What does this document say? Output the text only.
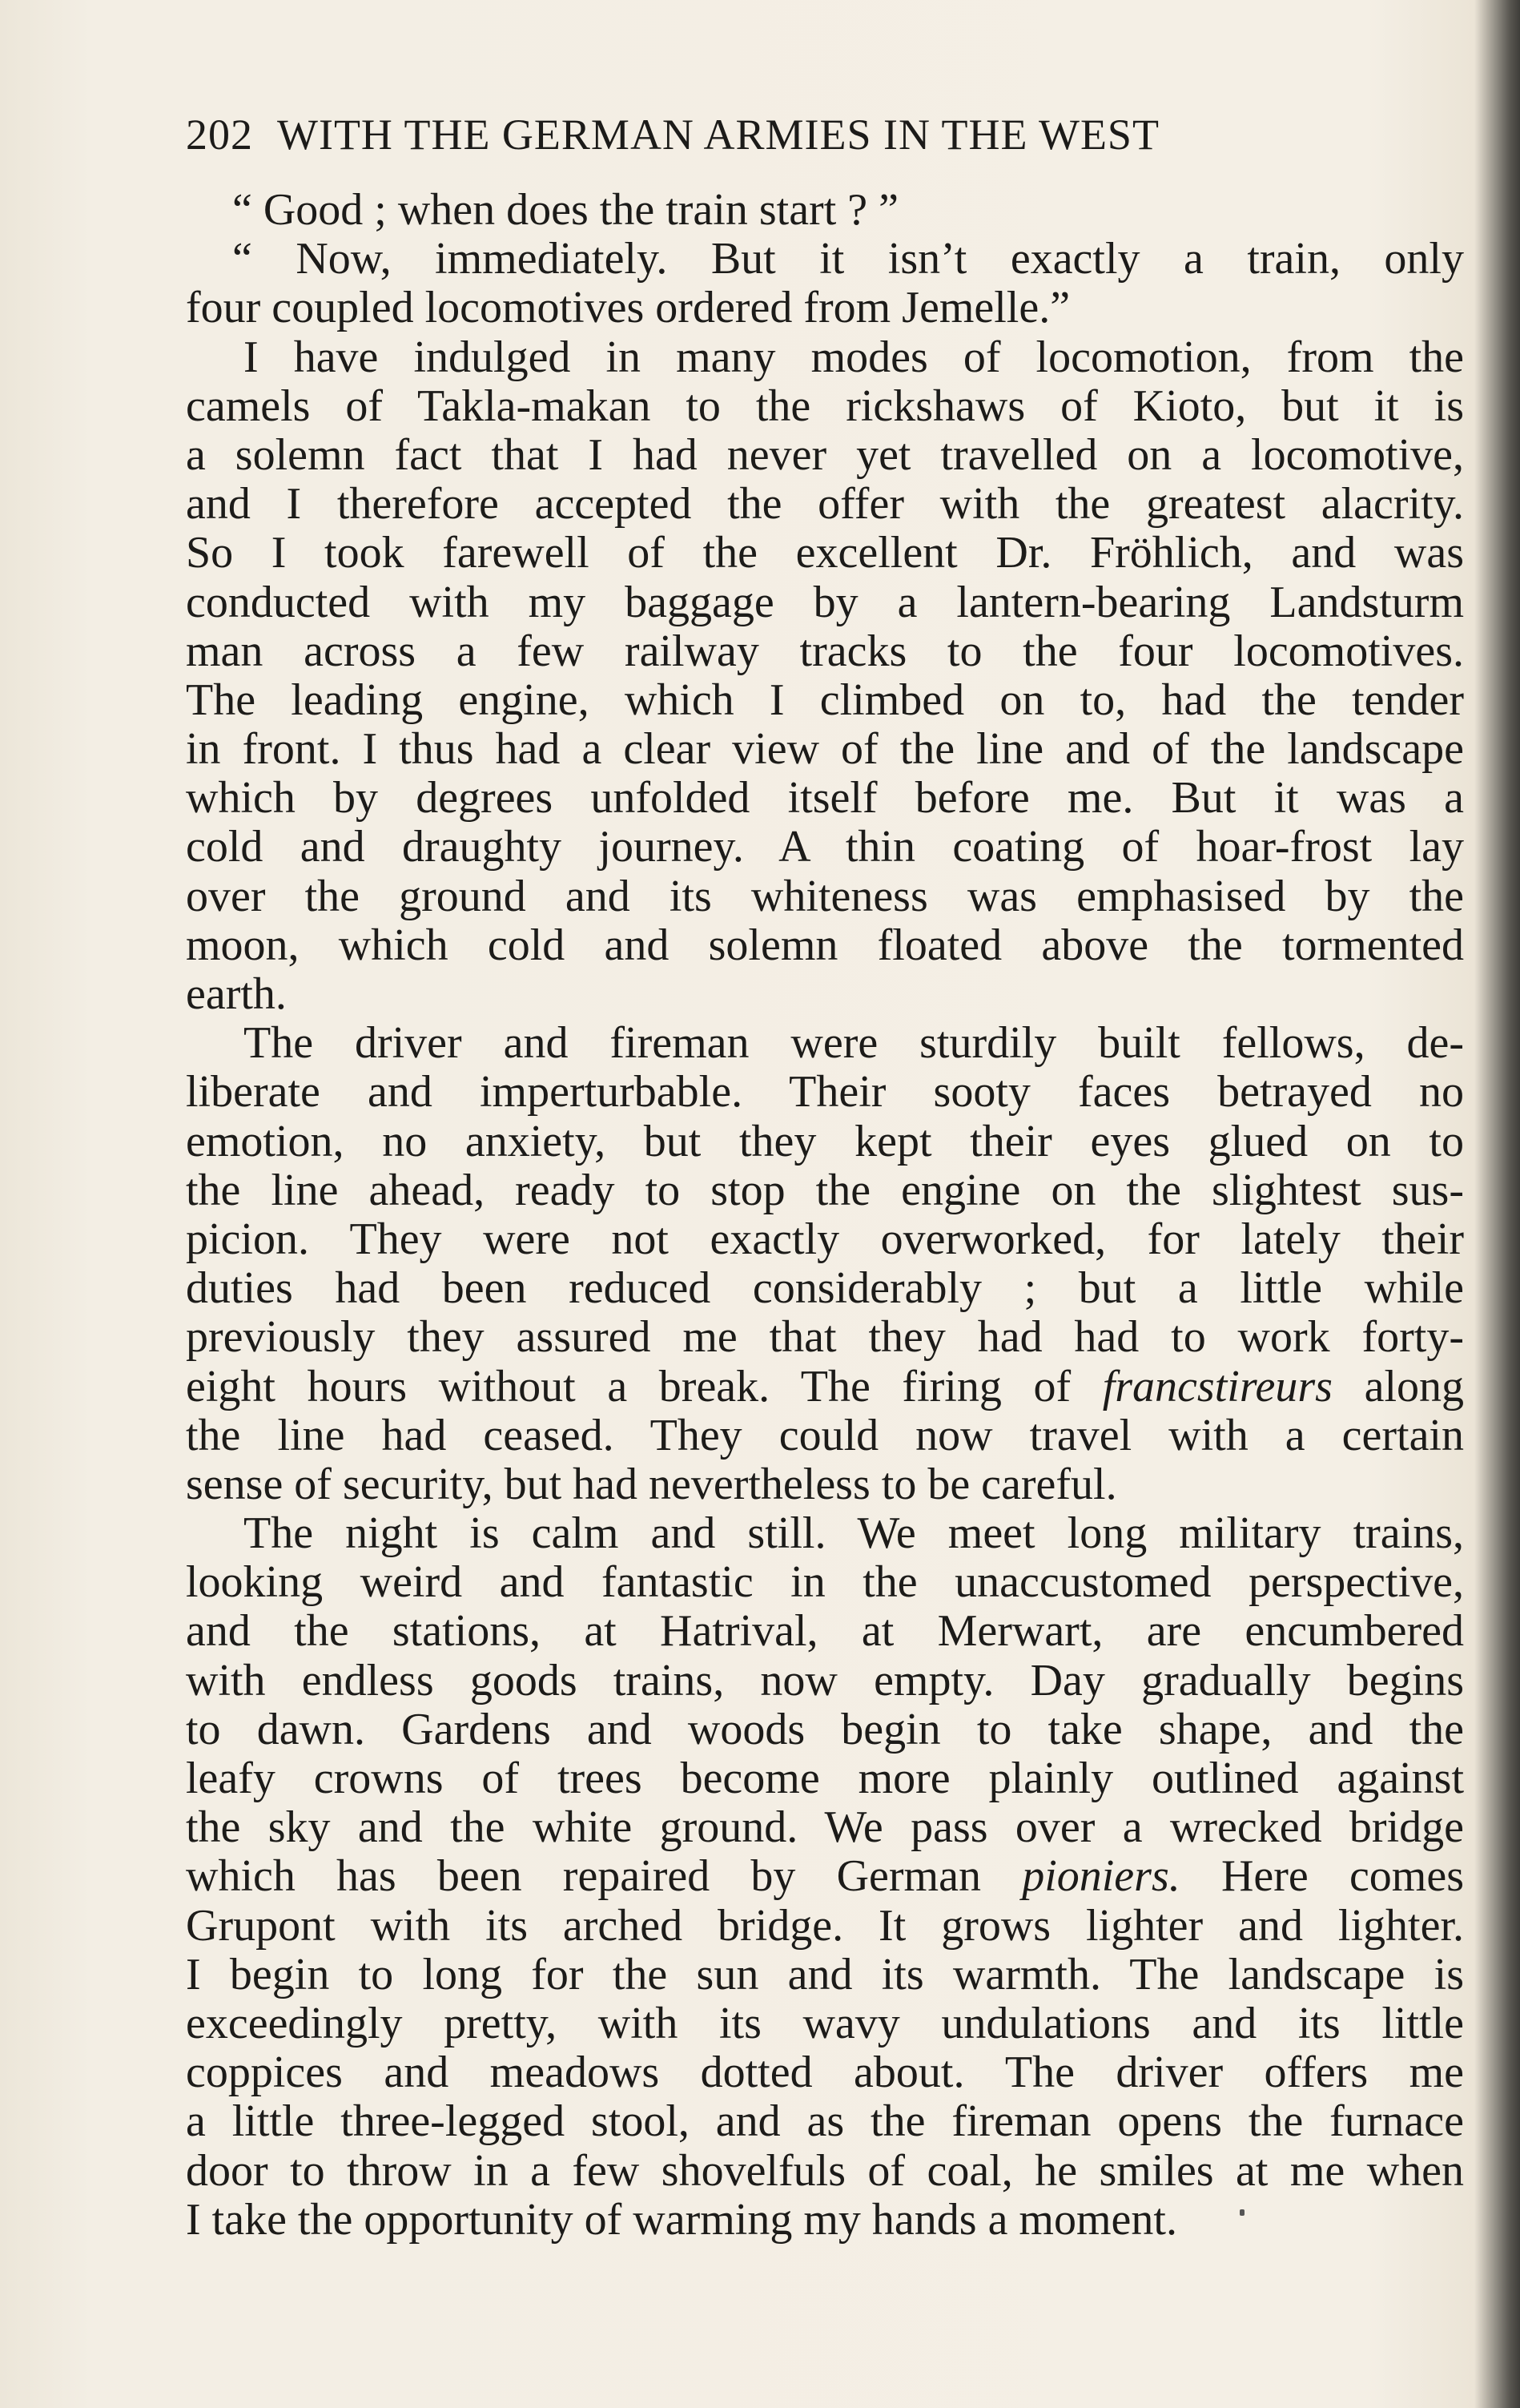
202 WITH THE GERMAN ARMIES IN THE WEST
“ Good ; when does the train start ? ”
“ Now, immediately. But it isn’t exactly a train, only
four coupled locomotives ordered from Jemelle.”
I have indulged in many modes of locomotion, from the
camels of Takla-makan to the rickshaws of Kioto, but it is
a solemn fact that I had never yet travelled on a locomotive,
and I therefore accepted the offer with the greatest alacrity.
So I took farewell of the excellent Dr. Fröhlich, and was
conducted with my baggage by a lantern-bearing Landsturm
man across a few railway tracks to the four locomotives.
The leading engine, which I climbed on to, had the tender
in front. I thus had a clear view of the line and of the landscape
which by degrees unfolded itself before me. But it was a
cold and draughty journey. A thin coating of hoar-frost lay
over the ground and its whiteness was emphasised by the
moon, which cold and solemn floated above the tormented
earth.
The driver and fireman were sturdily built fellows, de-
liberate and imperturbable. Their sooty faces betrayed no
emotion, no anxiety, but they kept their eyes glued on to
the line ahead, ready to stop the engine on the slightest sus-
picion. They were not exactly overworked, for lately their
duties had been reduced considerably ; but a little while
previously they assured me that they had had to work forty-
eight hours without a break. The firing of francstireurs along
the line had ceased. They could now travel with a certain
sense of security, but had nevertheless to be careful.
The night is calm and still. We meet long military trains,
looking weird and fantastic in the unaccustomed perspective,
and the stations, at Hatrival, at Merwart, are encumbered
with endless goods trains, now empty. Day gradually begins
to dawn. Gardens and woods begin to take shape, and the
leafy crowns of trees become more plainly outlined against
the sky and the white ground. We pass over a wrecked bridge
which has been repaired by German pioniers. Here comes
Grupont with its arched bridge. It grows lighter and lighter.
I begin to long for the sun and its warmth. The landscape is
exceedingly pretty, with its wavy undulations and its little
coppices and meadows dotted about. The driver offers me
a little three-legged stool, and as the fireman opens the furnace
door to throw in a few shovelfuls of coal, he smiles at me when
I take the opportunity of warming my hands a moment.
